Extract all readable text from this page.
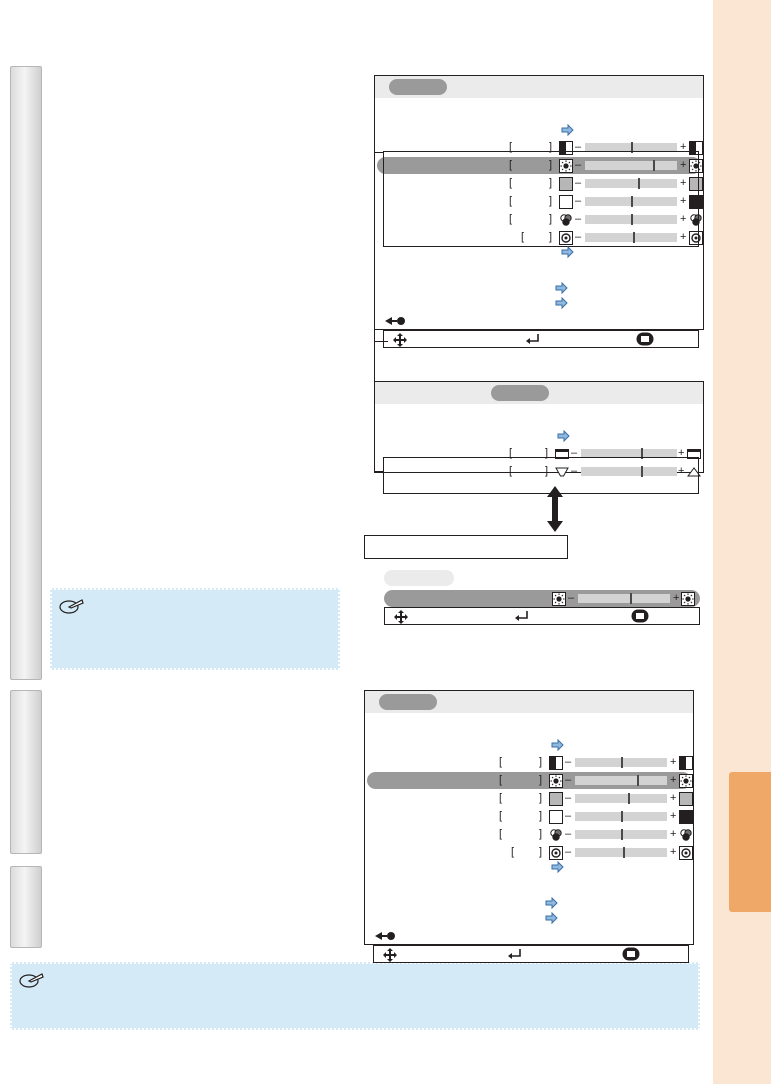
[	] –	+
[	] –	+
[	] –	+
[	] –	+
[	] –	+
[ ] –	+
[	] –	+
[	] –	+
–	+
[	] –	+
[	] –	+
[	] –	+
[	] –	+
[	] –	+
[ ] –	+
